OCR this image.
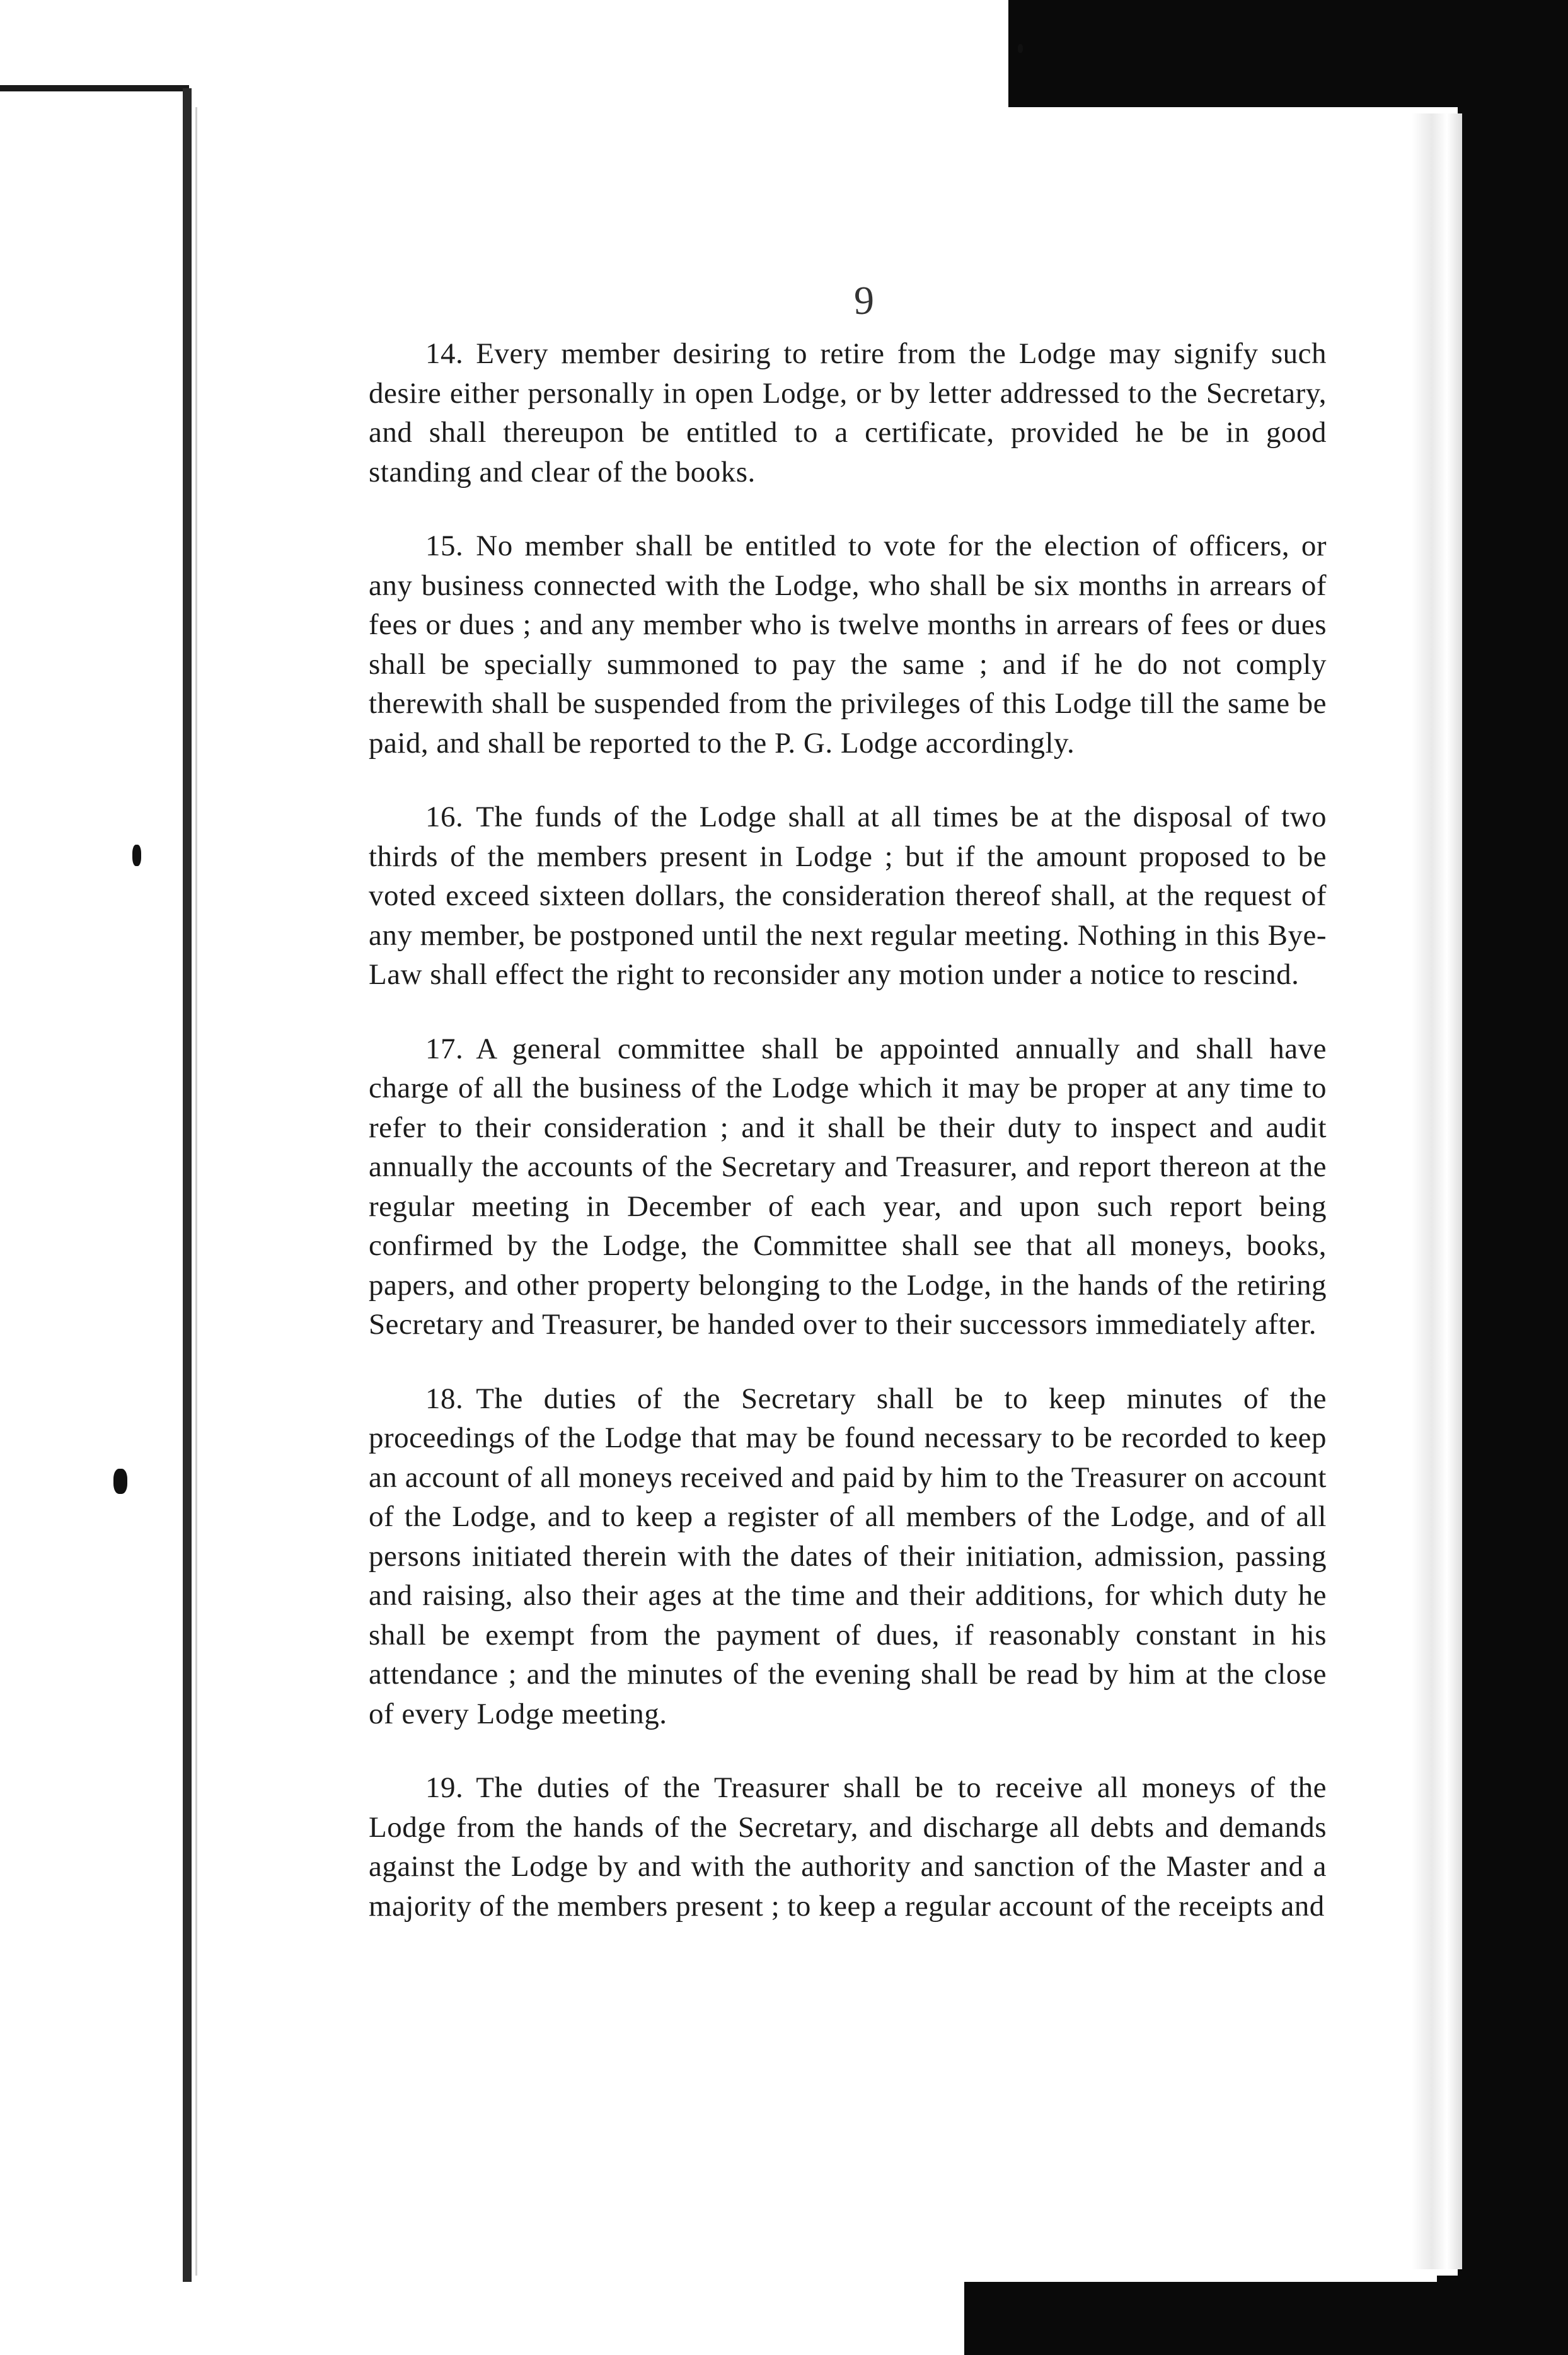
9

14. Every member desiring to retire from the Lodge may signify such desire either personally in open Lodge, or by letter addressed to the Secretary, and shall thereupon be entitled to a certificate, provided he be in good standing and clear of the books.

15. No member shall be entitled to vote for the election of officers, or any business connected with the Lodge, who shall be six months in arrears of fees or dues ; and any member who is twelve months in arrears of fees or dues shall be specially summoned to pay the same ; and if he do not comply therewith shall be suspended from the privileges of this Lodge till the same be paid, and shall be reported to the P. G. Lodge accordingly.

16. The funds of the Lodge shall at all times be at the disposal of two thirds of the members present in Lodge ; but if the amount proposed to be voted exceed sixteen dollars, the consideration thereof shall, at the request of any member, be postponed until the next regular meeting. Nothing in this Bye-Law shall effect the right to reconsider any motion under a notice to rescind.

17. A general committee shall be appointed annually and shall have charge of all the business of the Lodge which it may be proper at any time to refer to their consideration ; and it shall be their duty to inspect and audit annually the accounts of the Secretary and Treasurer, and report thereon at the regular meeting in December of each year, and upon such report being confirmed by the Lodge, the Committee shall see that all moneys, books, papers, and other property belonging to the Lodge, in the hands of the retiring Secretary and Treasurer, be handed over to their successors immediately after.

18. The duties of the Secretary shall be to keep minutes of the proceedings of the Lodge that may be found necessary to be recorded to keep an account of all moneys received and paid by him to the Treasurer on account of the Lodge, and to keep a register of all members of the Lodge, and of all persons initiated therein with the dates of their initiation, admission, passing and raising, also their ages at the time and their additions, for which duty he shall be exempt from the payment of dues, if reasonably constant in his attendance ; and the minutes of the evening shall be read by him at the close of every Lodge meeting.

19. The duties of the Treasurer shall be to receive all moneys of the Lodge from the hands of the Secretary, and discharge all debts and demands against the Lodge by and with the authority and sanction of the Master and a majority of the members present ; to keep a regular account of the receipts and
